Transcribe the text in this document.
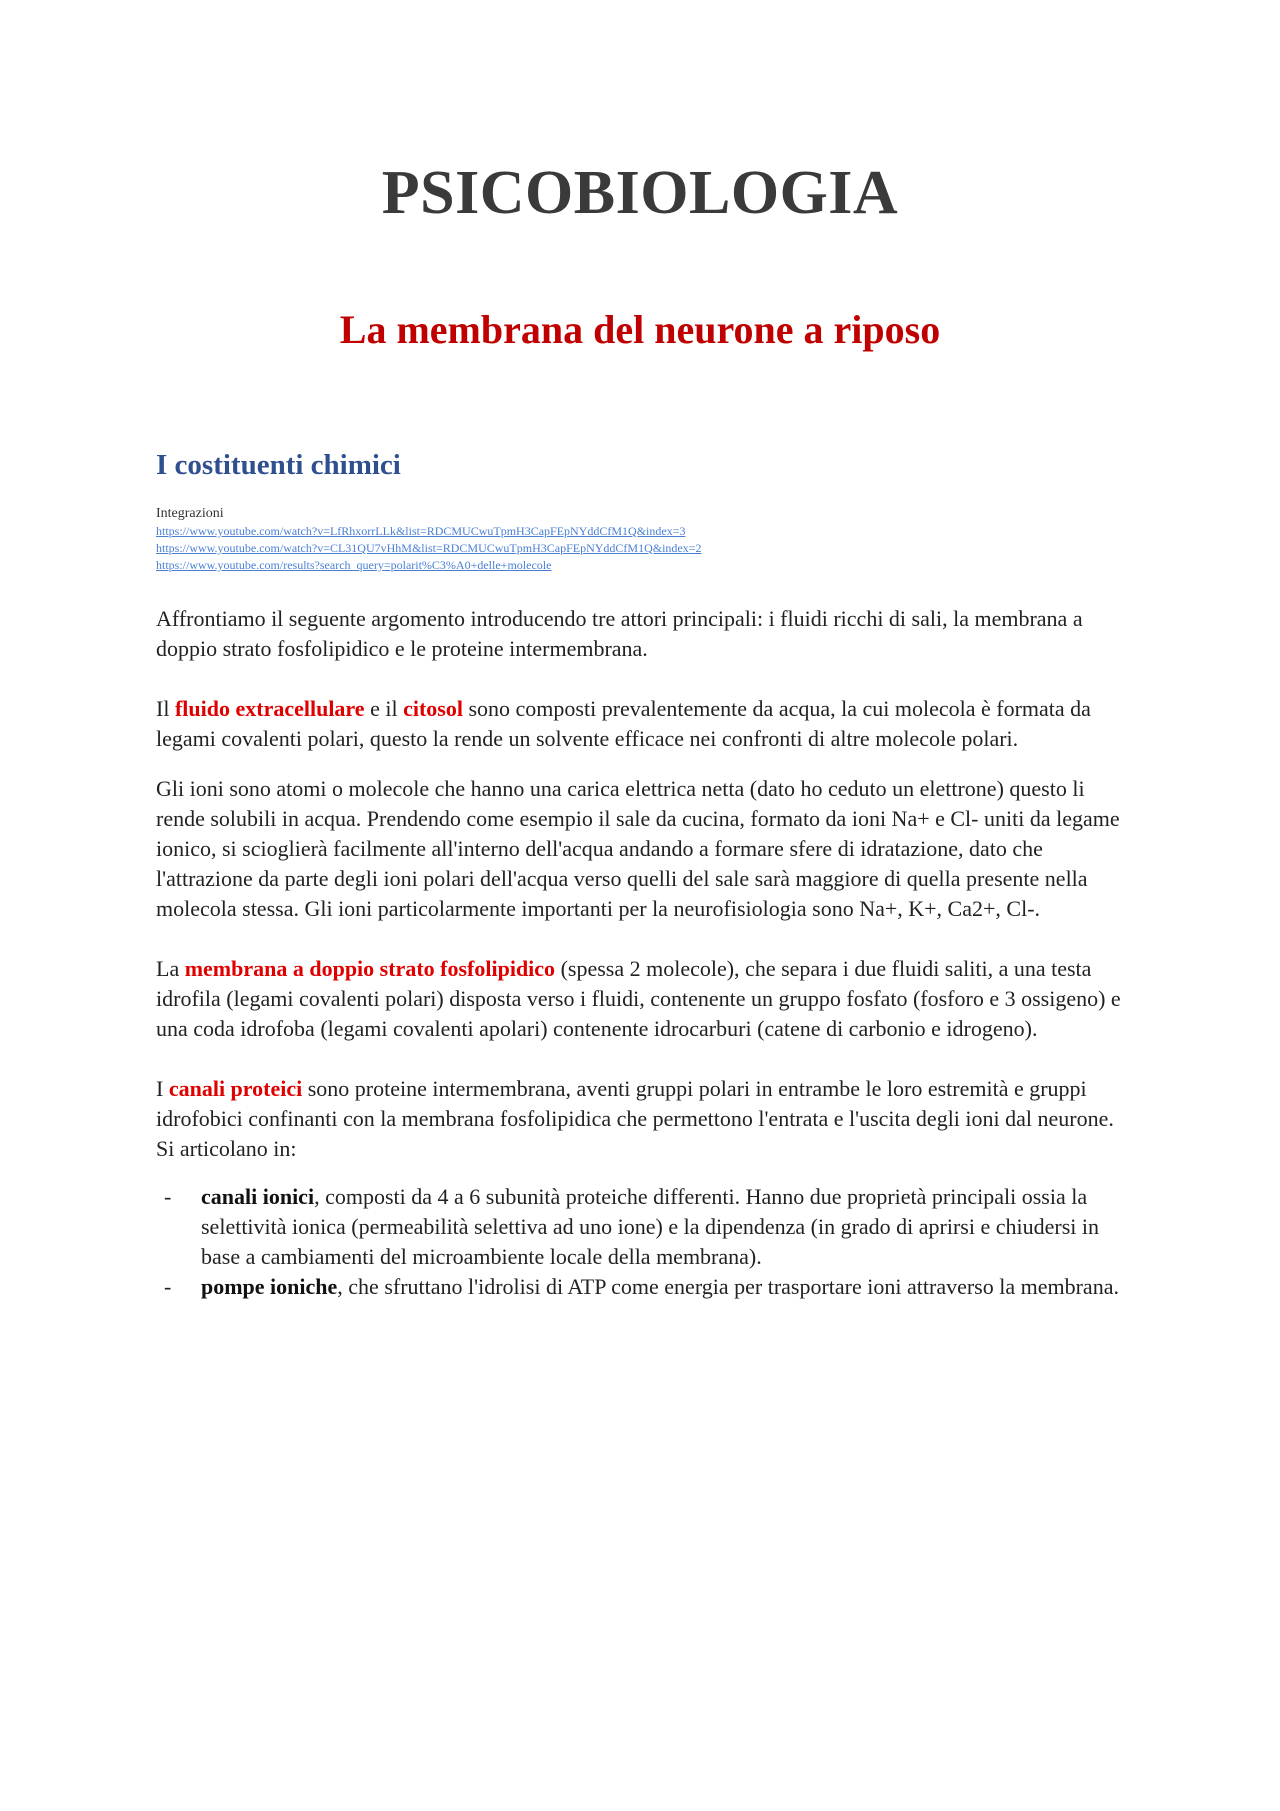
PSICOBIOLOGIA
La membrana del neurone a riposo
I costituenti chimici
Integrazioni
https://www.youtube.com/watch?v=LfRhxorrLLk&list=RDCMUCwuTpmH3CapFEpNYddCfM1Q&index=3
https://www.youtube.com/watch?v=CL31QU7vHhM&list=RDCMUCwuTpmH3CapFEpNYddCfM1Q&index=2
https://www.youtube.com/results?search_query=polarit%C3%A0+delle+molecole

Affrontiamo il seguente argomento introducendo tre attori principali: i fluidi ricchi di sali, la membrana a doppio strato fosfolipidico e le proteine intermembrana.

Il fluido extracellulare e il citosol sono composti prevalentemente da acqua, la cui molecola è formata da legami covalenti polari, questo la rende un solvente efficace nei confronti di altre molecole polari.

Gli ioni sono atomi o molecole che hanno una carica elettrica netta (dato ho ceduto un elettrone) questo li rende solubili in acqua. Prendendo come esempio il sale da cucina, formato da ioni Na+ e Cl- uniti da legame ionico, si scioglierà facilmente all'interno dell'acqua andando a formare sfere di idratazione, dato che l'attrazione da parte degli ioni polari dell'acqua verso quelli del sale sarà maggiore di quella presente nella molecola stessa. Gli ioni particolarmente importanti per la neurofisiologia sono Na+, K+, Ca2+, Cl-.

La membrana a doppio strato fosfolipidico (spessa 2 molecole), che separa i due fluidi saliti, a una testa idrofila (legami covalenti polari) disposta verso i fluidi, contenente un gruppo fosfato (fosforo e 3 ossigeno) e una coda idrofoba (legami covalenti apolari) contenente idrocarburi (catene di carbonio e idrogeno).

I canali proteici sono proteine intermembrana, aventi gruppi polari in entrambe le loro estremità e gruppi idrofobici confinanti con la membrana fosfolipidica che permettono l'entrata e l'uscita degli ioni dal neurone. Si articolano in:

- canali ionici, composti da 4 a 6 subunità proteiche differenti. Hanno due proprietà principali ossia la selettività ionica (permeabilità selettiva ad uno ione) e la dipendenza (in grado di aprirsi e chiudersi in base a cambiamenti del microambiente locale della membrana).
- pompe ioniche, che sfruttano l'idrolisi di ATP come energia per trasportare ioni attraverso la membrana.
